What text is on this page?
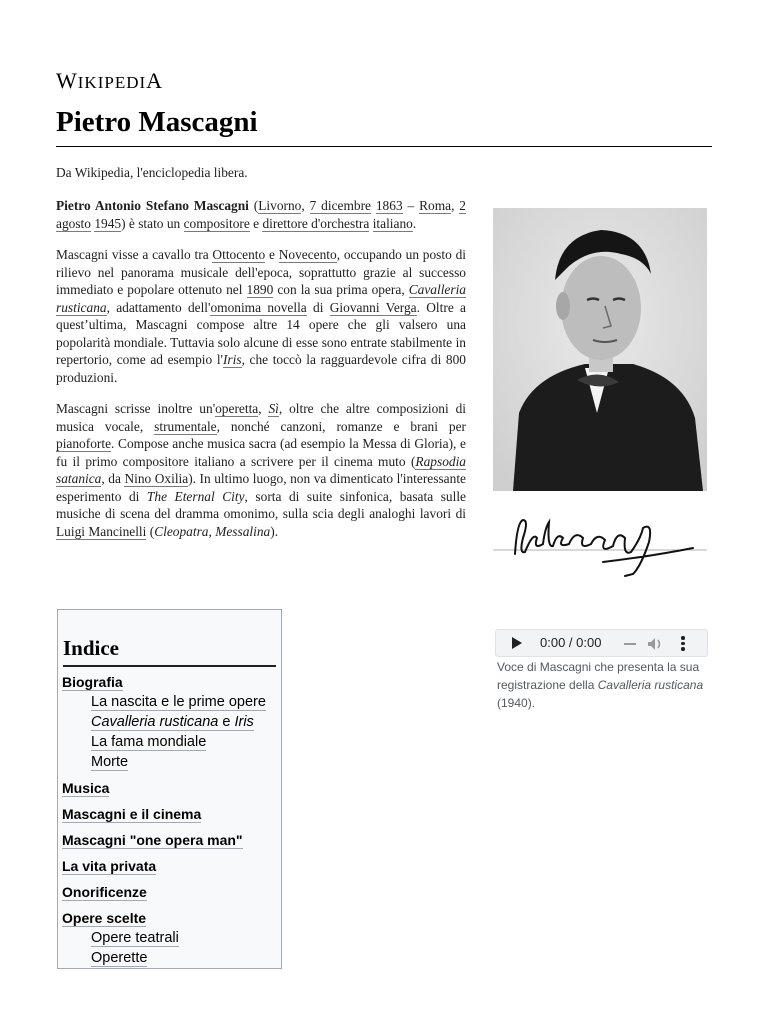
WIKIPEDIA
Pietro Mascagni

Da Wikipedia, l'enciclopedia libera.

Pietro Antonio Stefano Mascagni (Livorno, 7 dicembre 1863 – Roma, 2 agosto 1945) è stato un compositore e direttore d'orchestra italiano.

Mascagni visse a cavallo tra Ottocento e Novecento, occupando un posto di rilievo nel panorama musicale dell'epoca, soprattutto grazie al successo immediato e popolare ottenuto nel 1890 con la sua prima opera, Cavalleria rusticana, adattamento dell'omonima novella di Giovanni Verga. Oltre a quest’ultima, Mascagni compose altre 14 opere che gli valsero una popolarità mondiale. Tuttavia solo alcune di esse sono entrate stabilmente in repertorio, come ad esempio l'Iris, che toccò la ragguardevole cifra di 800 produzioni.

Mascagni scrisse inoltre un'operetta, Sì, oltre che altre composizioni di musica vocale, strumentale, nonché canzoni, romanze e brani per pianoforte. Compose anche musica sacra (ad esempio la Messa di Gloria), e fu il primo compositore italiano a scrivere per il cinema muto (Rapsodia satanica, da Nino Oxilia). In ultimo luogo, non va dimenticato l'interessante esperimento di The Eternal City, sorta di suite sinfonica, basata sulle musiche di scena del dramma omonimo, sulla scia degli analoghi lavori di Luigi Mancinelli (Cleopatra, Messalina).

0:00 / 0:00
Voce di Mascagni che presenta la sua registrazione della Cavalleria rusticana (1940).
Indice
Biografia
La nascita e le prime opere
Cavalleria rusticana e Iris
La fama mondiale
Morte
Musica
Mascagni e il cinema
Mascagni "one opera man"
La vita privata
Onorificenze
Opere scelte
Opere teatrali
Operette
